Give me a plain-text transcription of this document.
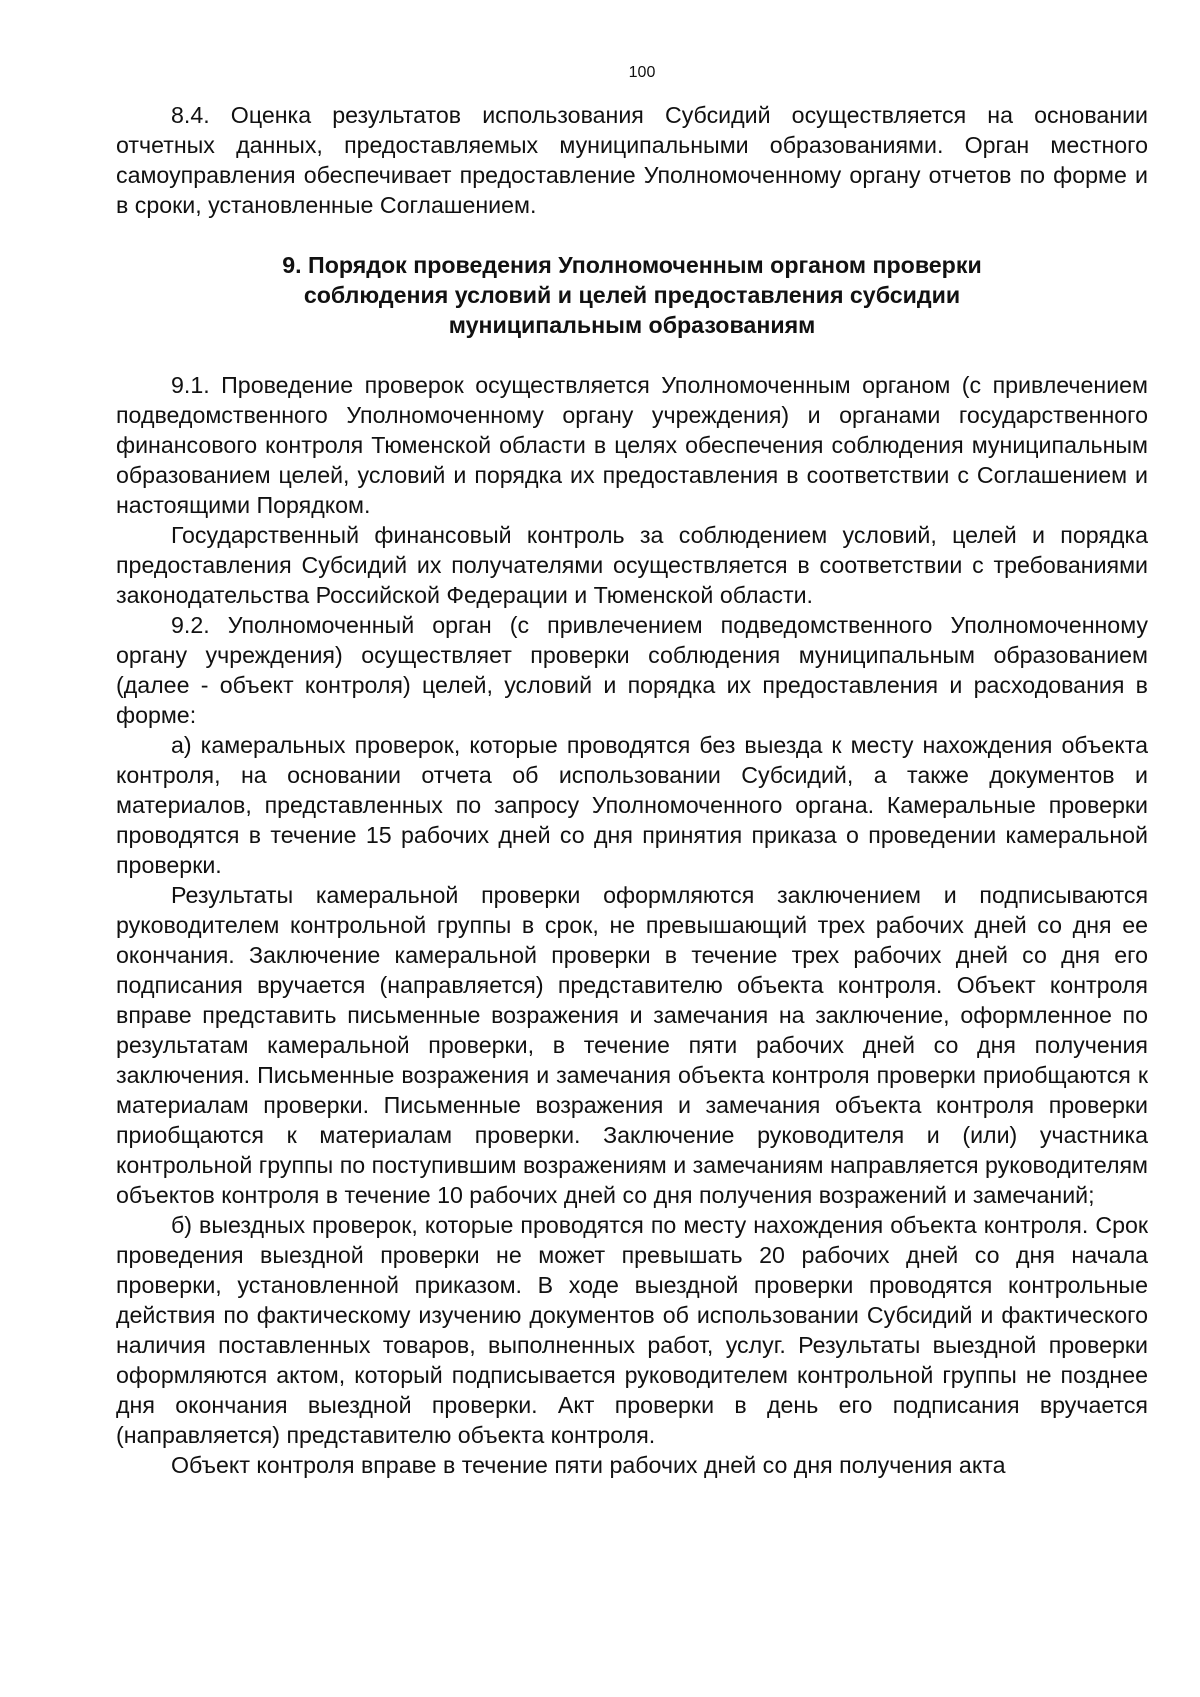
100

8.4. Оценка результатов использования Субсидий осуществляется на основании отчетных данных, предоставляемых муниципальными образованиями. Орган местного самоуправления обеспечивает предоставление Уполномоченному органу отчетов по форме и в сроки, установленные Соглашением.

9. Порядок проведения Уполномоченным органом проверки
соблюдения условий и целей предоставления субсидии
муниципальным образованиям

9.1. Проведение проверок осуществляется Уполномоченным органом (с привлечением подведомственного Уполномоченному органу учреждения) и органами государственного финансового контроля Тюменской области в целях обеспечения соблюдения муниципальным образованием целей, условий и порядка их предоставления в соответствии с Соглашением и настоящими Порядком.

Государственный финансовый контроль за соблюдением условий, целей и порядка предоставления Субсидий их получателями осуществляется в соответствии с требованиями законодательства Российской Федерации и Тюменской области.

9.2. Уполномоченный орган (с привлечением подведомственного Уполномоченному органу учреждения) осуществляет проверки соблюдения муниципальным образованием (далее - объект контроля) целей, условий и порядка их предоставления и расходования в форме:

а) камеральных проверок, которые проводятся без выезда к месту нахождения объекта контроля, на основании отчета об использовании Субсидий, а также документов и материалов, представленных по запросу Уполномоченного органа. Камеральные проверки проводятся в течение 15 рабочих дней со дня принятия приказа о проведении камеральной проверки.

Результаты камеральной проверки оформляются заключением и подписываются руководителем контрольной группы в срок, не превышающий трех рабочих дней со дня ее окончания. Заключение камеральной проверки в течение трех рабочих дней со дня его подписания вручается (направляется) представителю объекта контроля. Объект контроля вправе представить письменные возражения и замечания на заключение, оформленное по результатам камеральной проверки, в течение пяти рабочих дней со дня получения заключения. Письменные возражения и замечания объекта контроля проверки приобщаются к материалам проверки. Письменные возражения и замечания объекта контроля проверки приобщаются к материалам проверки. Заключение руководителя и (или) участника контрольной группы по поступившим возражениям и замечаниям направляется руководителям объектов контроля в течение 10 рабочих дней со дня получения возражений и замечаний;

б) выездных проверок, которые проводятся по месту нахождения объекта контроля. Срок проведения выездной проверки не может превышать 20 рабочих дней со дня начала проверки, установленной приказом. В ходе выездной проверки проводятся контрольные действия по фактическому изучению документов об использовании Субсидий и фактического наличия поставленных товаров, выполненных работ, услуг. Результаты выездной проверки оформляются актом, который подписывается руководителем контрольной группы не позднее дня окончания выездной проверки. Акт проверки в день его подписания вручается (направляется) представителю объекта контроля.

Объект контроля вправе в течение пяти рабочих дней со дня получения акта
